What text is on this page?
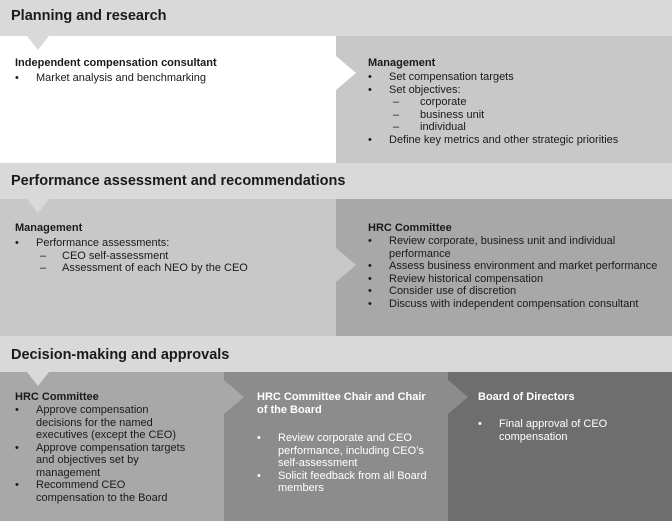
Planning and research
Independent compensation consultant
• Market analysis and benchmarking
Management
• Set compensation targets
• Set objectives:
– corporate
– business unit
– individual
• Define key metrics and other strategic priorities
Performance assessment and recommendations
Management
• Performance assessments:
– CEO self-assessment
– Assessment of each NEO by the CEO
HRC Committee
• Review corporate, business unit and individual performance
• Assess business environment and market performance
• Review historical compensation
• Consider use of discretion
• Discuss with independent compensation consultant
Decision-making and approvals
HRC Committee
• Approve compensation decisions for the named executives (except the CEO)
• Approve compensation targets and objectives set by management
• Recommend CEO compensation to the Board
HRC Committee Chair and Chair of the Board
• Review corporate and CEO performance, including CEO’s self-assessment
• Solicit feedback from all Board members
Board of Directors
• Final approval of CEO compensation
